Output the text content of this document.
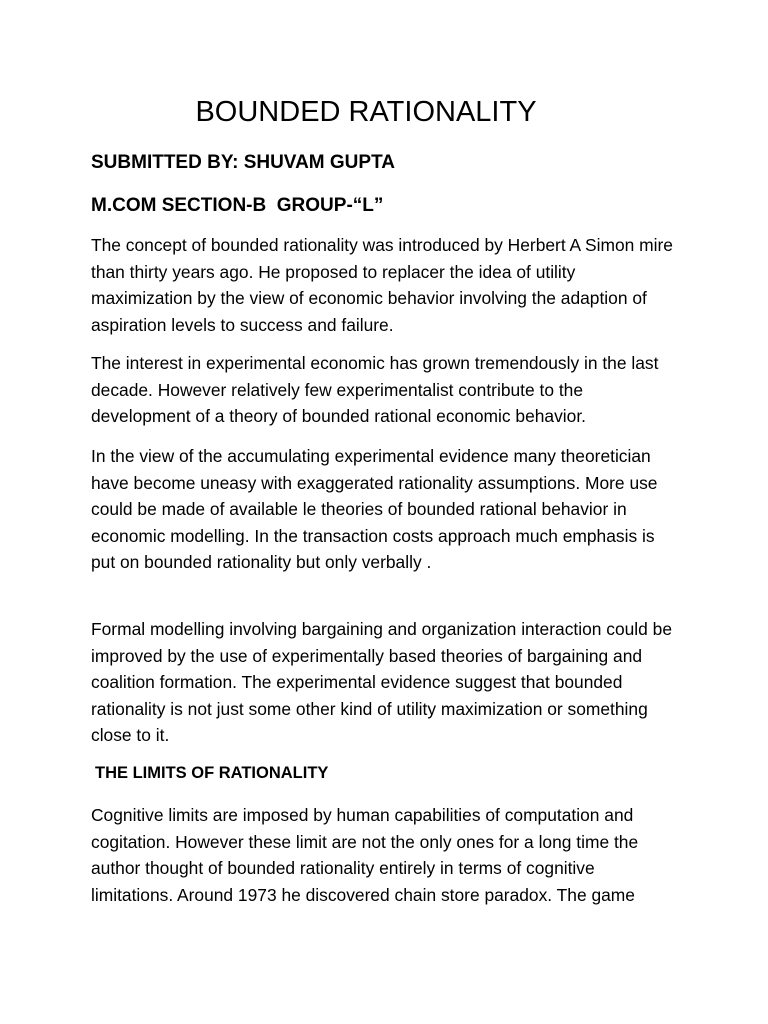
BOUNDED RATIONALITY

SUBMITTED BY: SHUVAM GUPTA

M.COM SECTION-B  GROUP-“L”

The concept of bounded rationality was introduced by Herbert A Simon mire than thirty years ago. He proposed to replacer the idea of utility maximization by the view of economic behavior involving the adaption of aspiration levels to success and failure.

The interest in experimental economic has grown tremendously in the last decade. However relatively few experimentalist contribute to the development of a theory of bounded rational economic behavior.

In the view of the accumulating experimental evidence many theoretician have become uneasy with exaggerated rationality assumptions. More use could be made of available le theories of bounded rational behavior in economic modelling. In the transaction costs approach much emphasis is put on bounded rationality but only verbally .

Formal modelling involving bargaining and organization interaction could be improved by the use of experimentally based theories of bargaining and coalition formation. The experimental evidence suggest that bounded rationality is not just some other kind of utility maximization or something close to it.

THE LIMITS OF RATIONALITY

Cognitive limits are imposed by human capabilities of computation and cogitation. However these limit are not the only ones for a long time the author thought of bounded rationality entirely in terms of cognitive limitations. Around 1973 he discovered chain store paradox. The game
